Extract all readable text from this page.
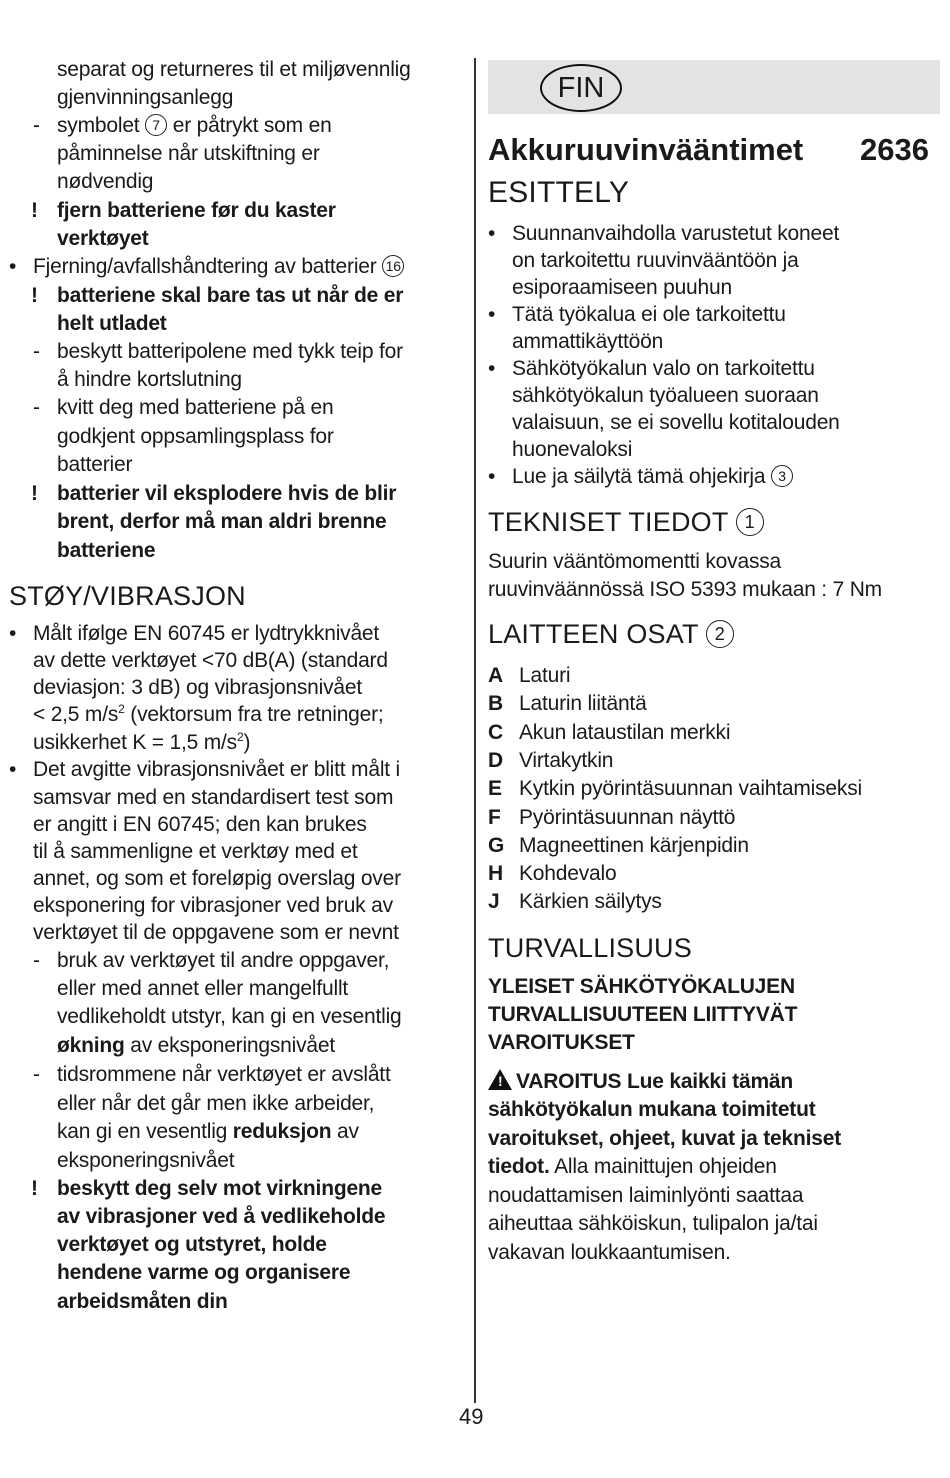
separat og returneres til et miljøvennlig
gjenvinningsanlegg
- symbolet 7 er påtrykt som en
påminnelse når utskiftning er
nødvendig
! fjern batteriene før du kaster
verktøyet
• Fjerning/avfallshåndtering av batterier 16
! batteriene skal bare tas ut når de er
helt utladet
- beskytt batteripolene med tykk teip for
å hindre kortslutning
- kvitt deg med batteriene på en
godkjent oppsamlingsplass for
batterier
! batterier vil eksplodere hvis de blir
brent, derfor må man aldri brenne
batteriene
STØY/VIBRASJON
• Målt ifølge EN 60745 er lydtrykknivået
av dette verktøyet <70 dB(A) (standard
deviasjon: 3 dB) og vibrasjonsnivået
< 2,5 $m/s^2$ (vektorsum fra tre retninger;
usikkerhet K = 1,5 $m/s^2$)
• Det avgitte vibrasjonsnivået er blitt målt i
samsvar med en standardisert test som
er angitt i EN 60745; den kan brukes
til å sammenligne et verktøy med et
annet, og som et foreløpig overslag over
eksponering for vibrasjoner ved bruk av
verktøyet til de oppgavene som er nevnt
- bruk av verktøyet til andre oppgaver,
eller med annet eller mangelfullt
vedlikeholdt utstyr, kan gi en vesentlig
økning av eksponeringsnivået
- tidsrommene når verktøyet er avslått
eller når det går men ikke arbeider,
kan gi en vesentlig reduksjon av
eksponeringsnivået
! beskytt deg selv mot virkningene
av vibrasjoner ved å vedlikeholde
verktøyet og utstyret, holde
hendene varme og organisere
arbeidsmåten din
FIN
Akkuruuvinvääntimet 2636
ESITTELY
• Suunnanvaihdolla varustetut koneet
on tarkoitettu ruuvinvääntöön ja
esiporaamiseen puuhun
• Tätä työkalua ei ole tarkoitettu
ammattikäyttöön
• Sähkötyökalun valo on tarkoitettu
sähkötyökalun työalueen suoraan
valaisuun, se ei sovellu kotitalouden
huonevaloksi
• Lue ja säilytä tämä ohjekirja 3
TEKNISET TIEDOT 1
Suurin vääntömomentti kovassa
ruuvinväännössä ISO 5393 mukaan : 7 Nm
LAITTEEN OSAT 2
A Laturi
B Laturin liitäntä
C Akun lataustilan merkki
D Virtakytkin
E Kytkin pyörintäsuunnan vaihtamiseksi
F Pyörintäsuunnan näyttö
G Magneettinen kärjenpidin
H Kohdevalo
J Kärkien säilytys
TURVALLISUUS
YLEISET SÄHKÖTYÖKALUJEN
TURVALLISUUTEEN LIITTYVÄT
VAROITUKSET
! VAROITUS Lue kaikki tämän
sähkötyökalun mukana toimitetut
varoitukset, ohjeet, kuvat ja tekniset
tiedot. Alla mainittujen ohjeiden
noudattamisen laiminlyönti saattaa
aiheuttaa sähköiskun, tulipalon ja/tai
vakavan loukkaantumisen.
49
